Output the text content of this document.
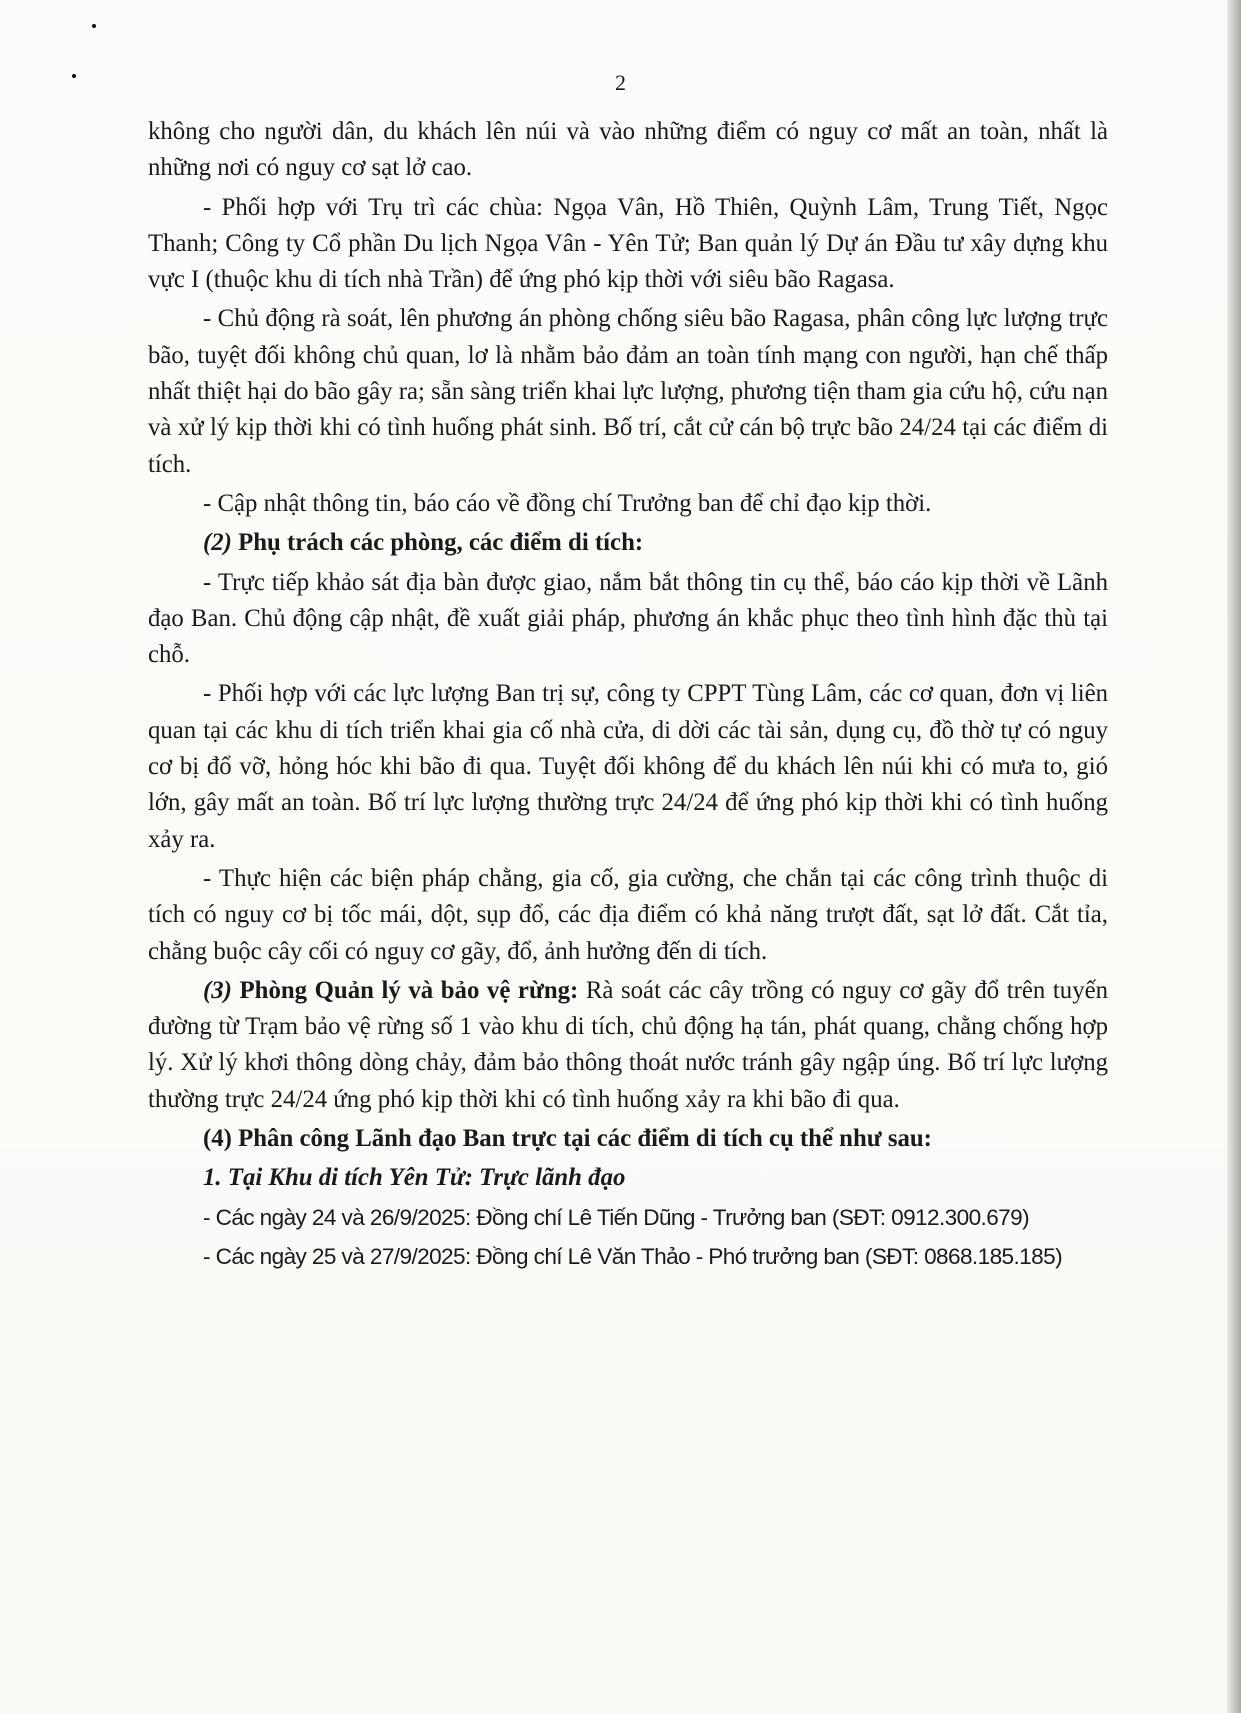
2

không cho người dân, du khách lên núi và vào những điểm có nguy cơ mất an toàn, nhất là những nơi có nguy cơ sạt lở cao.

- Phối hợp với Trụ trì các chùa: Ngọa Vân, Hồ Thiên, Quỳnh Lâm, Trung Tiết, Ngọc Thanh; Công ty Cổ phần Du lịch Ngọa Vân - Yên Tử; Ban quản lý Dự án Đầu tư xây dựng khu vực I (thuộc khu di tích nhà Trần) để ứng phó kịp thời với siêu bão Ragasa.

- Chủ động rà soát, lên phương án phòng chống siêu bão Ragasa, phân công lực lượng trực bão, tuyệt đối không chủ quan, lơ là nhằm bảo đảm an toàn tính mạng con người, hạn chế thấp nhất thiệt hại do bão gây ra; sẵn sàng triển khai lực lượng, phương tiện tham gia cứu hộ, cứu nạn và xử lý kịp thời khi có tình huống phát sinh. Bố trí, cắt cử cán bộ trực bão 24/24 tại các điểm di tích.

- Cập nhật thông tin, báo cáo về đồng chí Trưởng ban để chỉ đạo kịp thời.

(2) Phụ trách các phòng, các điểm di tích:

- Trực tiếp khảo sát địa bàn được giao, nắm bắt thông tin cụ thể, báo cáo kịp thời về Lãnh đạo Ban. Chủ động cập nhật, đề xuất giải pháp, phương án khắc phục theo tình hình đặc thù tại chỗ.

- Phối hợp với các lực lượng Ban trị sự, công ty CPPT Tùng Lâm, các cơ quan, đơn vị liên quan tại các khu di tích triển khai gia cố nhà cửa, di dời các tài sản, dụng cụ, đồ thờ tự có nguy cơ bị đổ vỡ, hỏng hóc khi bão đi qua. Tuyệt đối không để du khách lên núi khi có mưa to, gió lớn, gây mất an toàn. Bố trí lực lượng thường trực 24/24 để ứng phó kịp thời khi có tình huống xảy ra.

- Thực hiện các biện pháp chằng, gia cố, gia cường, che chắn tại các công trình thuộc di tích có nguy cơ bị tốc mái, dột, sụp đổ, các địa điểm có khả năng trượt đất, sạt lở đất. Cắt tỉa, chằng buộc cây cối có nguy cơ gãy, đổ, ảnh hưởng đến di tích.

(3) Phòng Quản lý và bảo vệ rừng: Rà soát các cây trồng có nguy cơ gãy đổ trên tuyến đường từ Trạm bảo vệ rừng số 1 vào khu di tích, chủ động hạ tán, phát quang, chằng chống hợp lý. Xử lý khơi thông dòng chảy, đảm bảo thông thoát nước tránh gây ngập úng. Bố trí lực lượng thường trực 24/24 ứng phó kịp thời khi có tình huống xảy ra khi bão đi qua.

(4) Phân công Lãnh đạo Ban trực tại các điểm di tích cụ thể như sau:

1. Tại Khu di tích Yên Tử: Trực lãnh đạo

- Các ngày 24 và 26/9/2025: Đồng chí Lê Tiến Dũng - Trưởng ban (SĐT: 0912.300.679)

- Các ngày 25 và 27/9/2025: Đồng chí Lê Văn Thảo - Phó trưởng ban (SĐT: 0868.185.185)
